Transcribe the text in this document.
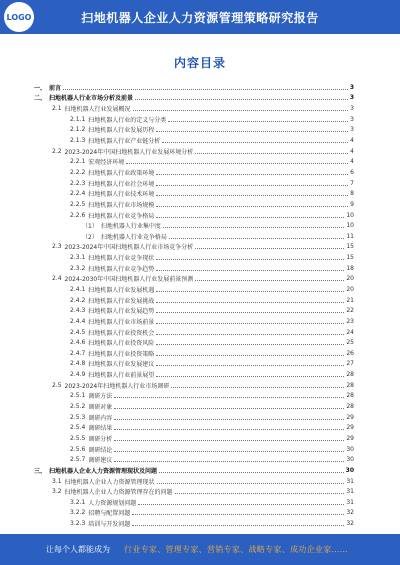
LOGO	扫地机器人企业人力资源管理策略研究报告
内容目录
一、 前言	3
二、 扫地机器人行业市场分析及前景	3
2.1 扫地机器人行业发展概况	3
2.1.1 扫地机器人行业的定义与分类	3
2.1.2 扫地机器人行业发展历程	3
2.1.3 扫地机器人行业产业链分析	4
2.2 2023-2024年中国扫地机器人行业发展环境分析	4
2.2.1 宏观经济环境	4
2.2.2 扫地机器人行业政策环境	6
2.2.3 扫地机器人行业社会环境	7
2.2.4 扫地机器人行业技术环境	8
2.2.5 扫地机器人行业市场规模	9
2.2.6 扫地机器人行业竞争格局	10
（1） 扫地机器人行业集中度	10
（2） 扫地机器人行业竞争格局	11
2.3 2023-2024年中国扫地机器人行业市场竞争分析	15
2.3.1 扫地机器人行业竞争现状	15
2.3.2 扫地机器人行业竞争趋势	18
2.4 2024-2030年中国扫地机器人行业发展前景预测	20
2.4.1 扫地机器人行业发展机遇	20
2.4.2 扫地机器人行业发展挑战	21
2.4.3 扫地机器人行业发展趋势	22
2.4.4 扫地机器人行业市场前景	23
2.4.5 扫地机器人行业投资机会	24
2.4.6 扫地机器人行业投资风险	25
2.4.7 扫地机器人行业投资策略	26
2.4.8 扫地机器人行业发展建议	27
2.4.9 扫地机器人行业前景展望	28
2.5 2023-2024年扫地机器人行业市场调研	28
2.5.1 调研方法	28
2.5.2 调研对象	28
2.5.3 调研内容	29
2.5.4 调研结果	29
2.5.5 调研分析	29
2.5.6 调研结论	30
2.5.7 调研建议	30
三、 扫地机器人企业人力资源管理现状及问题	30
3.1 扫地机器人企业人力资源管理现状	31
3.2 扫地机器人企业人力资源管理存在的问题	31
3.2.1 人力资源规划问题	31
3.2.2 招聘与配置问题	32
3.2.3 培训与开发问题	32
让每个人都能成为 行业专家、管理专家、营销专家、战略专家、成功企业家……
